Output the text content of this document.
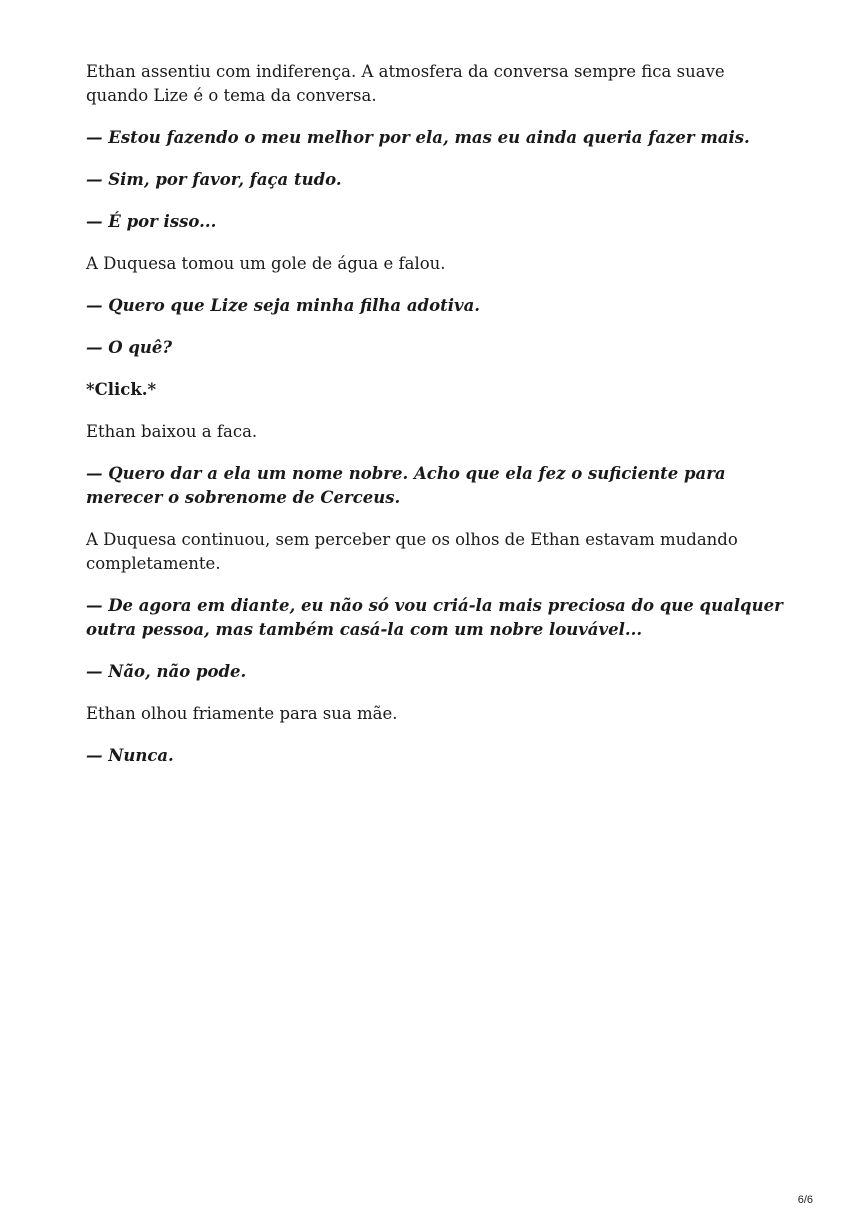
Ethan assentiu com indiferença. A atmosfera da conversa sempre fica suave quando Lize é o tema da conversa.

— Estou fazendo o meu melhor por ela, mas eu ainda queria fazer mais.

— Sim, por favor, faça tudo.

— É por isso...

A Duquesa tomou um gole de água e falou.

— Quero que Lize seja minha filha adotiva.

— O quê?

*Click.*

Ethan baixou a faca.

— Quero dar a ela um nome nobre. Acho que ela fez o suficiente para merecer o sobrenome de Cerceus.

A Duquesa continuou, sem perceber que os olhos de Ethan estavam mudando completamente.

— De agora em diante, eu não só vou criá-la mais preciosa do que qualquer outra pessoa, mas também casá-la com um nobre louvável...

— Não, não pode.

Ethan olhou friamente para sua mãe.

— Nunca.

6/6
